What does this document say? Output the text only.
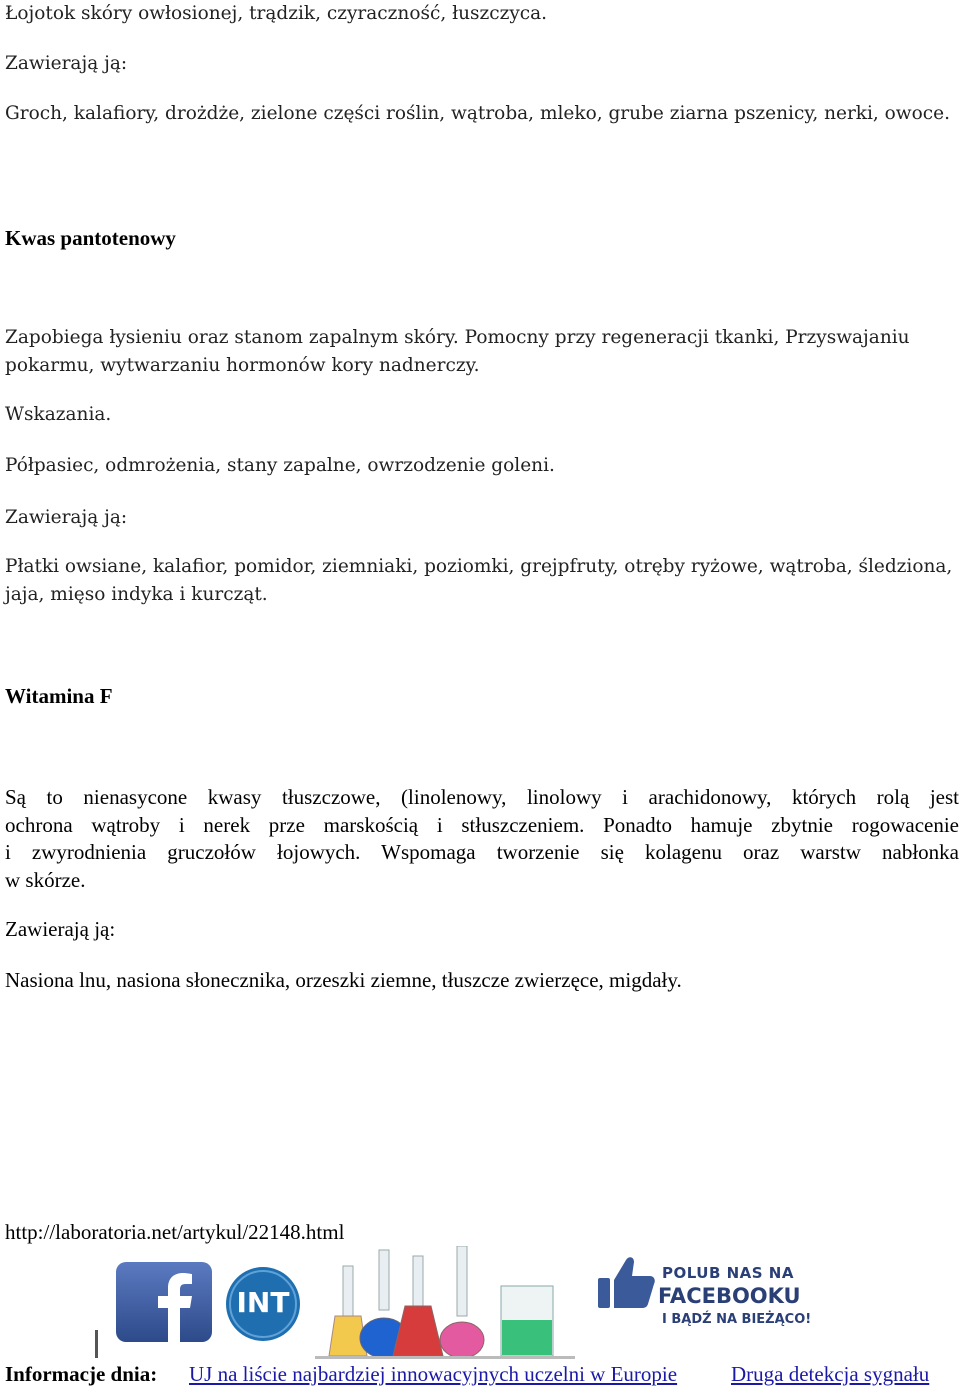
Łojotok skóry owłosionej, trądzik, czyraczność, łuszczyca.
Zawierają ją:
Groch, kalafiory, drożdże, zielone części roślin, wątroba, mleko, grube ziarna pszenicy, nerki, owoce.
Kwas pantotenowy
Zapobiega łysieniu oraz stanom zapalnym skóry. Pomocny przy regeneracji tkanki, Przyswajaniu
pokarmu, wytwarzaniu hormonów kory nadnerczy.
Wskazania.
Półpasiec, odmrożenia, stany zapalne, owrzodzenie goleni.
Zawierają ją:
Płatki owsiane, kalafior, pomidor, ziemniaki, poziomki, grejpfruty, otręby ryżowe, wątroba, śledziona,
jaja, mięso indyka i kurcząt.
Witamina F
Są to nienasycone kwasy tłuszczowe, (linolenowy, linolowy i arachidonowy, których rolą jest
ochrona wątroby i nerek prze marskością i stłuszczeniem. Ponadto hamuje zbytnie rogowacenie
i zwyrodnienia gruczołów łojowych. Wspomaga tworzenie się kolagenu oraz warstw nabłonka
w skórze.
Zawierają ją:
Nasiona lnu, nasiona słonecznika, orzeszki ziemne, tłuszcze zwierzęce, migdały.
http://laboratoria.net/artykul/22148.html
INT
POLUB NAS NA
FACEBOOKU
I BĄDŹ NA BIEŻĄCO!
Informacje dnia: UJ na liście najbardziej innowacyjnych uczelni w Europie	Druga detekcja sygnału
